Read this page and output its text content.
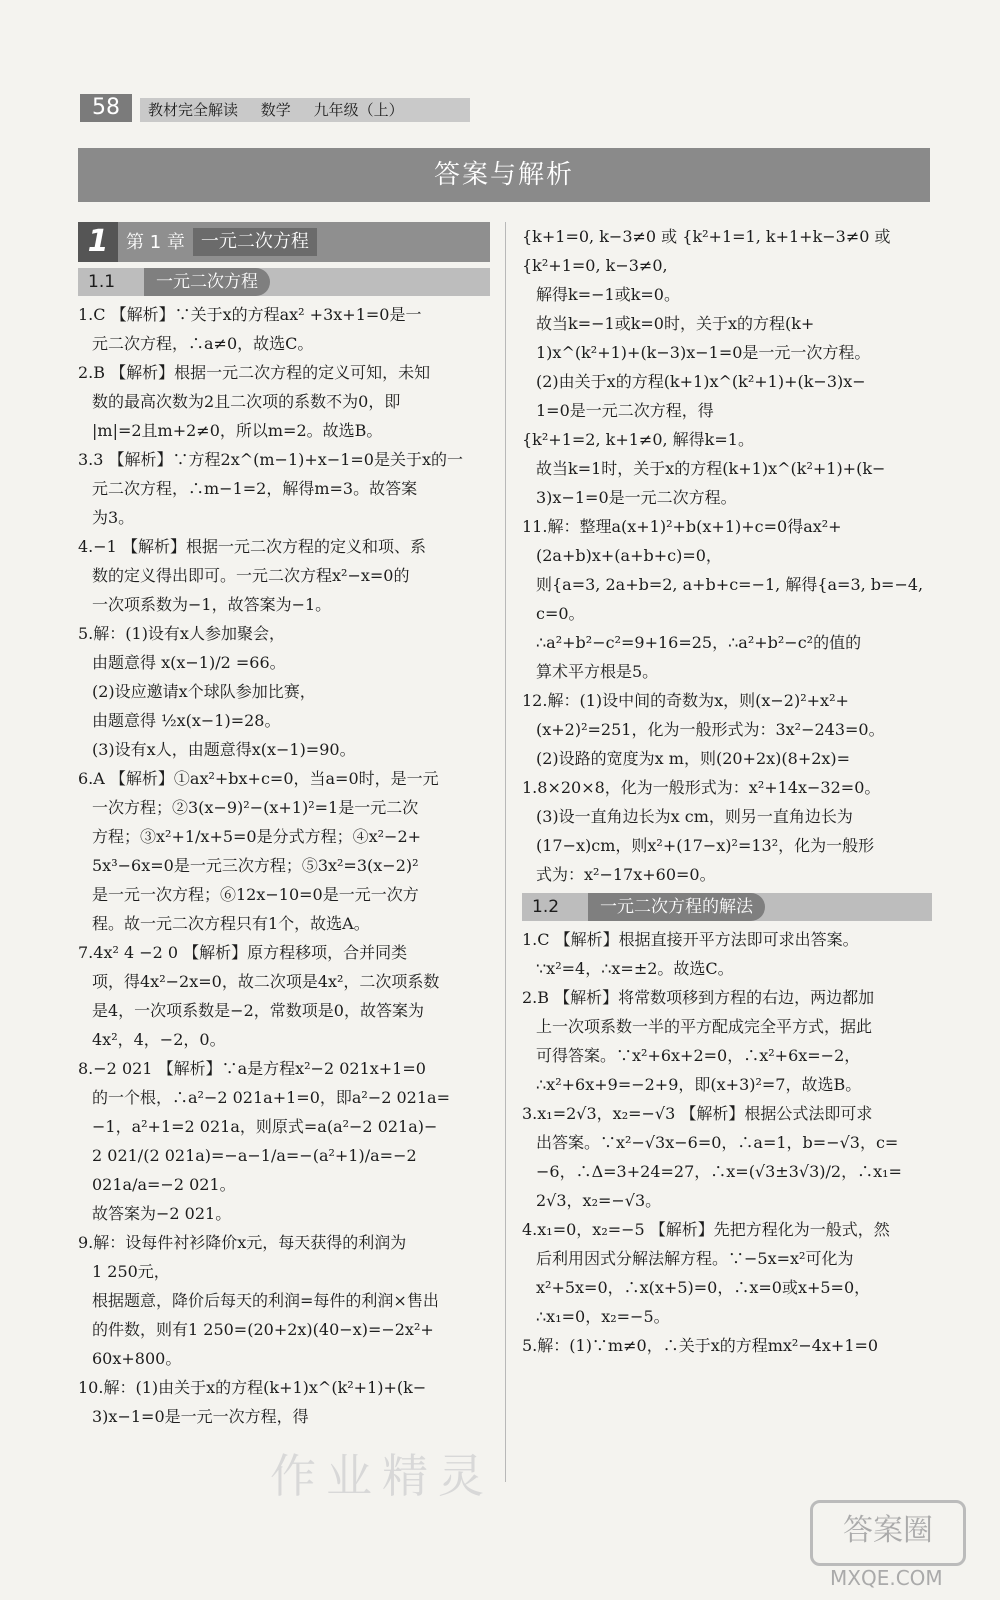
58	教材完全解读 数学 九年级（上）
答案与解析
1 第 1 章 一元二次方程
1.1	一元二次方程

1.C 【解析】∵关于x的方程ax² +3x+1=0是一

元二次方程，∴a≠0，故选C。

2.B 【解析】根据一元二次方程的定义可知，未知

数的最高次数为2且二次项的系数不为0，即

|m|=2且m+2≠0，所以m=2。故选B。

3.3 【解析】∵方程2x^(m−1)+x−1=0是关于x的一

元二次方程，∴m−1=2，解得m=3。故答案

为3。

4.−1 【解析】根据一元二次方程的定义和项、系

数的定义得出即可。一元二次方程x²−x=0的

一次项系数为−1，故答案为−1。

5.解：(1)设有x人参加聚会，

由题意得 x(x−1)/2 =66。

(2)设应邀请x个球队参加比赛，

由题意得 ½x(x−1)=28。

(3)设有x人，由题意得x(x−1)=90。

6.A 【解析】①ax²+bx+c=0，当a=0时，是一元

一次方程；②3(x−9)²−(x+1)²=1是一元二次

方程；③x²+1/x+5=0是分式方程；④x²−2+

5x³−6x=0是一元三次方程；⑤3x²=3(x−2)²

是一元一次方程；⑥12x−10=0是一元一次方

程。故一元二次方程只有1个，故选A。

7.4x² 4 −2 0 【解析】原方程移项，合并同类

项，得4x²−2x=0，故二次项是4x²，二次项系数

是4，一次项系数是−2，常数项是0，故答案为

4x²，4，−2，0。

8.−2 021 【解析】∵a是方程x²−2 021x+1=0

的一个根，∴a²−2 021a+1=0，即a²−2 021a=

−1，a²+1=2 021a，则原式=a(a²−2 021a)−

2 021/(2 021a)=−a−1/a=−(a²+1)/a=−2 021a/a=−2 021。

故答案为−2 021。

9.解：设每件衬衫降价x元，每天获得的利润为

1 250元，

根据题意，降价后每天的利润=每件的利润×售出

的件数，则有1 250=(20+2x)(40−x)=−2x²+

60x+800。

10.解：(1)由关于x的方程(k+1)x^(k²+1)+(k−

3)x−1=0是一元一次方程，得

{k+1=0, k−3≠0 或 {k²+1=1, k+1+k−3≠0 或 {k²+1=0, k−3≠0,

解得k=−1或k=0。

故当k=−1或k=0时，关于x的方程(k+

1)x^(k²+1)+(k−3)x−1=0是一元一次方程。

(2)由关于x的方程(k+1)x^(k²+1)+(k−3)x−

1=0是一元二次方程，得

{k²+1=2, k+1≠0, 解得k=1。

故当k=1时，关于x的方程(k+1)x^(k²+1)+(k−

3)x−1=0是一元二次方程。

11.解：整理a(x+1)²+b(x+1)+c=0得ax²+

(2a+b)x+(a+b+c)=0，

则{a=3, 2a+b=2, a+b+c=−1, 解得{a=3, b=−4, c=0。

∴a²+b²−c²=9+16=25，∴a²+b²−c²的值的

算术平方根是5。

12.解：(1)设中间的奇数为x，则(x−2)²+x²+

(x+2)²=251，化为一般形式为：3x²−243=0。

(2)设路的宽度为x m，则(20+2x)(8+2x)=

1.8×20×8，化为一般形式为：x²+14x−32=0。

(3)设一直角边长为x cm，则另一直角边长为

(17−x)cm，则x²+(17−x)²=13²，化为一般形

式为：x²−17x+60=0。

1.2	一元二次方程的解法

1.C 【解析】根据直接开平方法即可求出答案。

∵x²=4，∴x=±2。故选C。

2.B 【解析】将常数项移到方程的右边，两边都加

上一次项系数一半的平方配成完全平方式，据此

可得答案。∵x²+6x+2=0，∴x²+6x=−2，

∴x²+6x+9=−2+9，即(x+3)²=7，故选B。

3.x₁=2√3，x₂=−√3 【解析】根据公式法即可求

出答案。∵x²−√3x−6=0，∴a=1，b=−√3，c=

−6，∴Δ=3+24=27，∴x=(√3±3√3)/2，∴x₁=

2√3，x₂=−√3。

4.x₁=0，x₂=−5 【解析】先把方程化为一般式，然

后利用因式分解法解方程。∵−5x=x²可化为

x²+5x=0，∴x(x+5)=0，∴x=0或x+5=0，

∴x₁=0，x₂=−5。

5.解：(1)∵m≠0，∴关于x的方程mx²−4x+1=0

作业精灵
答案圈
MXQE.COM
